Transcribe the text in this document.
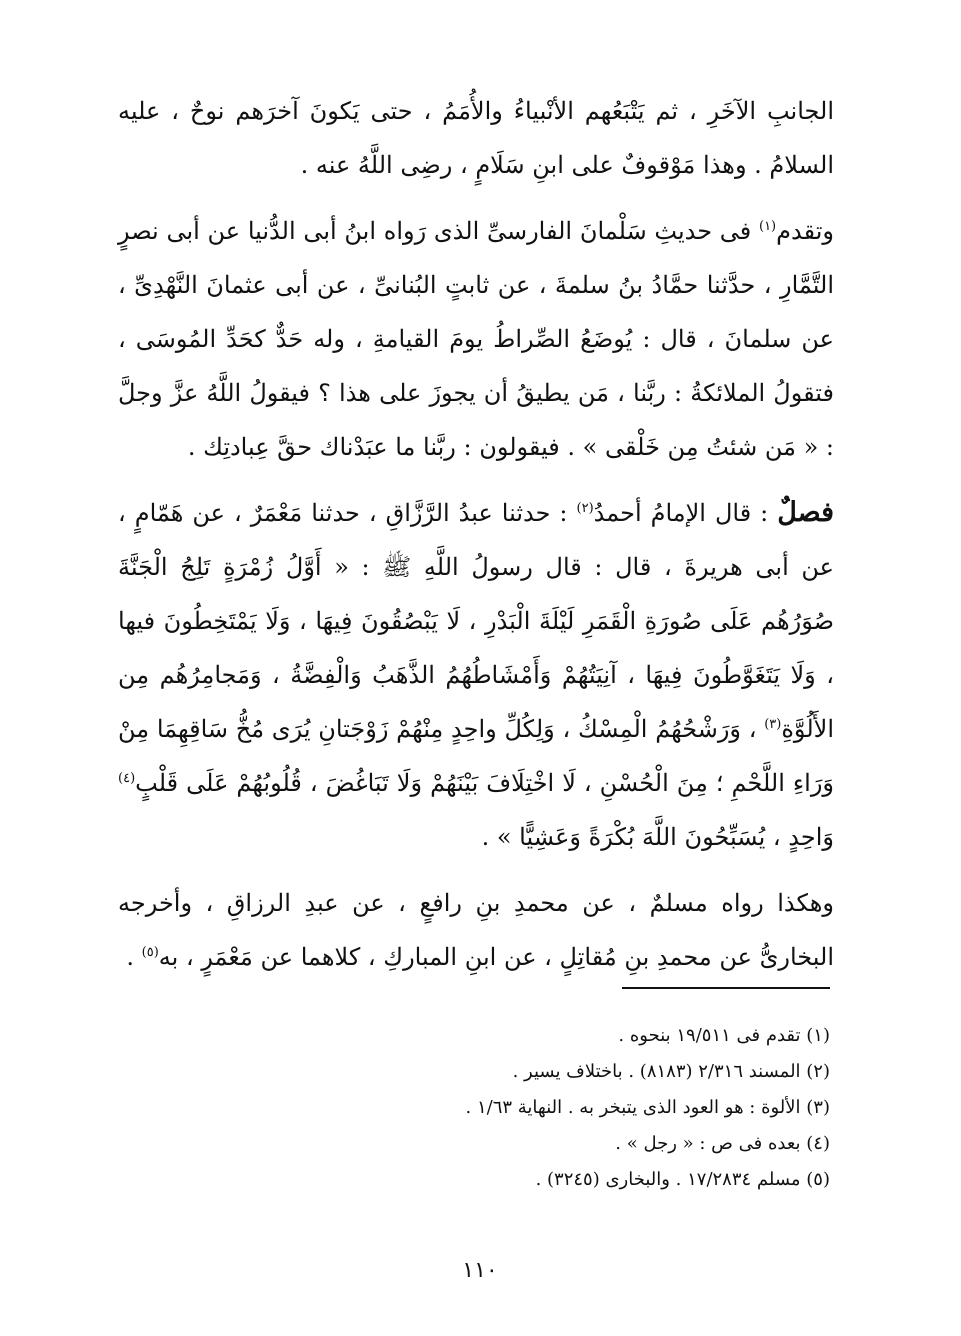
الجانبِ الآخَرِ ، ثم يَتْبَعُهم الأنْبياءُ والأُمَمُ ، حتى يَكونَ آخرَهم نوحٌ ، عليه السلامُ . وهذا مَوْقوفٌ على ابنِ سَلَامٍ ، رضِى اللَّهُ عنه .

وتقدم$^{(١)}$ فى حديثِ سَلْمانَ الفارسىِّ الذى رَواه ابنُ أبى الدُّنيا عن أبى نصرٍ التَّمَّارِ ، حدَّثنا حمَّادُ بنُ سلمةَ ، عن ثابتٍ البُنانىِّ ، عن أبى عثمانَ النَّهْدِىِّ ، عن سلمانَ ، قال : يُوضَعُ الصِّراطُ يومَ القيامةِ ، وله حَدٌّ كحَدِّ المُوسَى ، فتقولُ الملائكةُ : ربَّنا ، مَن يطيقُ أن يجوزَ على هذا ؟ فيقولُ اللَّهُ عزَّ وجلَّ : « مَن شئتُ مِن خَلْقى » . فيقولون : ربَّنا ما عبَدْناك حقَّ عِبادتِك .

فصلٌ : قال الإمامُ أحمدُ$^{(٢)}$ : حدثنا عبدُ الرَّزَّاقِ ، حدثنا مَعْمَرٌ ، عن هَمّامٍ ، عن أبى هريرةَ ، قال : قال رسولُ اللَّهِ ﷺ : « أَوَّلُ زُمْرَةٍ تَلِجُ الْجَنَّةَ صُوَرُهُم عَلَى صُورَةِ الْقَمَرِ لَيْلَةَ الْبَدْرِ ، لَا يَبْصُقُونَ فِيهَا ، وَلَا يَمْتَخِطُونَ فيها ، وَلَا يَتَغَوَّطُونَ فِيهَا ، آنِيَتُهُمْ وَأَمْشَاطُهُمُ الذَّهَبُ وَالْفِضَّةُ ، وَمَجامِرُهُم مِن الأَلُوَّةِ$^{(٣)}$ ، وَرَشْحُهُمُ الْمِسْكُ ، وَلِكُلِّ واحِدٍ مِنْهُمْ زَوْجَتانِ يُرَى مُخُّ سَاقِهِمَا مِنْ وَرَاءِ اللَّحْمِ ؛ مِنَ الْحُسْنِ ، لَا اخْتِلَافَ بَيْنَهُمْ وَلَا تَبَاغُضَ ، قُلُوبُهُمْ عَلَى قَلْبٍ$^{(٤)}$ وَاحِدٍ ، يُسَبِّحُونَ اللَّهَ بُكْرَةً وَعَشِيًّا » .

وهكذا رواه مسلمٌ ، عن محمدِ بنِ رافعٍ ، عن عبدِ الرزاقِ ، وأخرجه البخارىُّ عن محمدِ بنِ مُقاتِلٍ ، عن ابنِ المباركِ ، كلاهما عن مَعْمَرٍ ، به$^{(٥)}$ .

(١) تقدم فى ١٩/٥١١ بنحوه .

(٢) المسند ٢/٣١٦ (٨١٨٣) . باختلاف يسير .

(٣) الألوة : هو العود الذى يتبخر به . النهاية ١/٦٣ .

(٤) بعده فى ص : « رجل » .

(٥) مسلم ١٧/٢٨٣٤ . والبخارى (٣٢٤٥) .

١١٠
